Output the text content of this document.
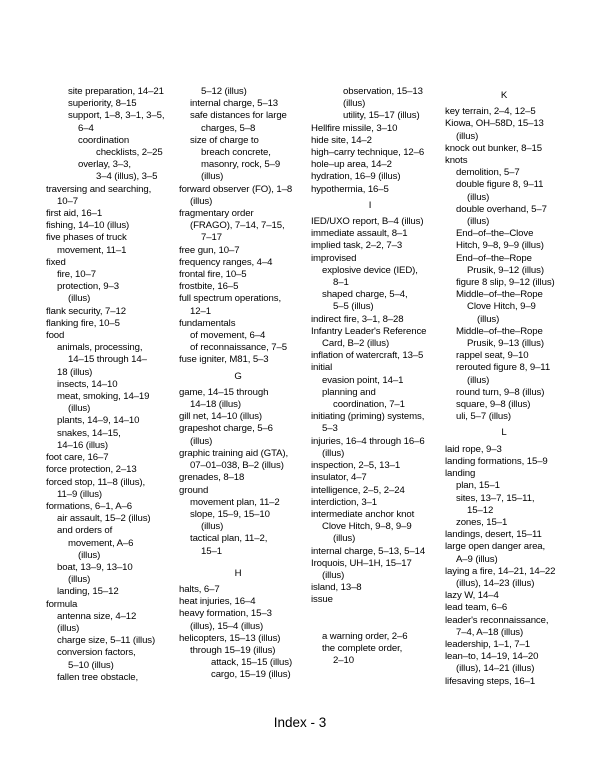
site preparation, 14–21
superiority, 8–15
support, 1–8, 3–1, 3–5,
6–4
coordination
checklists, 2–25
overlay, 3–3,
3–4 (illus), 3–5
traversing and searching,
10–7
first aid, 16–1
fishing, 14–10 (illus)
five phases of truck
movement, 11–1
fixed
fire, 10–7
protection, 9–3
(illus)
flank security, 7–12
flanking fire, 10–5
food
animals, processing,
14–15 through 14–
18 (illus)
insects, 14–10
meat, smoking, 14–19
(illus)
plants, 14–9, 14–10
snakes, 14–15,
14–16 (illus)
foot care, 16–7
force protection, 2–13
forced stop, 11–8 (illus),
11–9 (illus)
formations, 6–1, A–6
air assault, 15–2 (illus)
and orders of
movement, A–6
(illus)
boat, 13–9, 13–10
(illus)
landing, 15–12
formula
antenna size, 4–12
(illus)
charge size, 5–11 (illus)
conversion factors,
5–10 (illus)
fallen tree obstacle,
5–12 (illus)
internal charge, 5–13
safe distances for large
charges, 5–8
size of charge to
breach concrete,
masonry, rock, 5–9
(illus)
forward observer (FO), 1–8
(illus)
fragmentary order
(FRAGO), 7–14, 7–15,
7–17
free gun, 10–7
frequency ranges, 4–4
frontal fire, 10–5
frostbite, 16–5
full spectrum operations,
12–1
fundamentals
of movement, 6–4
of reconnaissance, 7–5
fuse igniter, M81, 5–3
G
game, 14–15 through
14–18 (illus)
gill net, 14–10 (illus)
grapeshot charge, 5–6
(illus)
graphic training aid (GTA),
07–01–038, B–2 (illus)
grenades, 8–18
ground
movement plan, 11–2
slope, 15–9, 15–10
(illus)
tactical plan, 11–2,
15–1
H
halts, 6–7
heat injuries, 16–4
heavy formation, 15–3
(illus), 15–4 (illus)
helicopters, 15–13 (illus)
through 15–19 (illus)
attack, 15–15 (illus)
cargo, 15–19 (illus)
observation, 15–13
(illus)
utility, 15–17 (illus)
Hellfire missile, 3–10
hide site, 14–2
high–carry technique, 12–6
hole–up area, 14–2
hydration, 16–9 (illus)
hypothermia, 16–5
I
IED/UXO report, B–4 (illus)
immediate assault, 8–1
implied task, 2–2, 7–3
improvised
explosive device (IED),
8–1
shaped charge, 5–4,
5–5 (illus)
indirect fire, 3–1, 8–28
Infantry Leader's Reference
Card, B–2 (illus)
inflation of watercraft, 13–5
initial
evasion point, 14–1
planning and
coordination, 7–1
initiating (priming) systems,
5–3
injuries, 16–4 through 16–6
(illus)
inspection, 2–5, 13–1
insulator, 4–7
intelligence, 2–5, 2–24
interdiction, 3–1
intermediate anchor knot
Clove Hitch, 9–8, 9–9
(illus)
internal charge, 5–13, 5–14
Iroquois, UH–1H, 15–17
(illus)
island, 13–8
issue
a warning order, 2–6
the complete order,
2–10
K
key terrain, 2–4, 12–5
Kiowa, OH–58D, 15–13
(illus)
knock out bunker, 8–15
knots
demolition, 5–7
double figure 8, 9–11
(illus)
double overhand, 5–7
(illus)
End–of–the–Clove
Hitch, 9–8, 9–9 (illus)
End–of–the–Rope
Prusik, 9–12 (illus)
figure 8 slip, 9–12 (illus)
Middle–of–the–Rope
Clove Hitch, 9–9
(illus)
Middle–of–the–Rope
Prusik, 9–13 (illus)
rappel seat, 9–10
rerouted figure 8, 9–11
(illus)
round turn, 9–8 (illus)
square, 9–8 (illus)
uli, 5–7 (illus)
L
laid rope, 9–3
landing formations, 15–9
landing
plan, 15–1
sites, 13–7, 15–11,
15–12
zones, 15–1
landings, desert, 15–11
large open danger area,
A–9 (illus)
laying a fire, 14–21, 14–22
(illus), 14–23 (illus)
lazy W, 14–4
lead team, 6–6
leader's reconnaissance,
7–4, A–18 (illus)
leadership, 1–1, 7–1
lean–to, 14–19, 14–20
(illus), 14–21 (illus)
lifesaving steps, 16–1
Index - 3
